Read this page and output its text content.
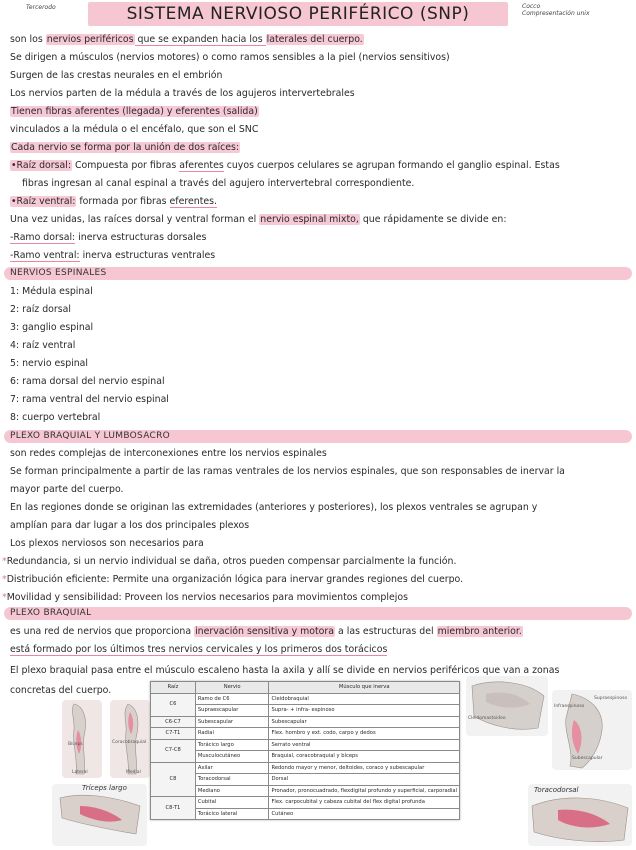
Tercerodo	Cocco
Compresentación unix
SISTEMA NERVIOSO PERIFÉRICO (SNP)
son los nervios periféricos que se expanden hacia los laterales del cuerpo.
Se dirigen a músculos (nervios motores) o como ramos sensibles a la piel (nervios sensitivos)
Surgen de las crestas neurales en el embrión
Los nervios parten de la médula a través de los agujeros intervertebrales
Tienen fibras aferentes (llegada) y eferentes (salida)
vinculados a la médula o el encéfalo, que son el SNC
Cada nervio se forma por la unión de dos raíces:
•Raíz dorsal: Compuesta por fibras aferentes cuyos cuerpos celulares se agrupan formando el ganglio espinal. Estas
fibras ingresan al canal espinal a través del agujero intervertebral correspondiente.
•Raíz ventral: formada por fibras eferentes.
Una vez unidas, las raíces dorsal y ventral forman el nervio espinal mixto, que rápidamente se divide en:
-Ramo dorsal: inerva estructuras dorsales
-Ramo ventral: inerva estructuras ventrales
NERVIOS ESPINALES
1: Médula espinal
2: raíz dorsal
3: ganglio espinal
4: raíz ventral
5: nervio espinal
6: rama dorsal del nervio espinal
7: rama ventral del nervio espinal
8: cuerpo vertebral
PLEXO BRAQUIAL Y LUMBOSACRO
son redes complejas de interconexiones entre los nervios espinales
Se forman principalmente a partir de las ramas ventrales de los nervios espinales, que son responsables de inervar la
mayor parte del cuerpo.
En las regiones donde se originan las extremidades (anteriores y posteriores), los plexos ventrales se agrupan y
amplían para dar lugar a los dos principales plexos
Los plexos nerviosos son necesarios para
*Redundancia, si un nervio individual se daña, otros pueden compensar parcialmente la función.
*Distribución eficiente: Permite una organización lógica para inervar grandes regiones del cuerpo.
*Movilidad y sensibilidad: Proveen los nervios necesarios para movimientos complejos
PLEXO BRAQUIAL
es una red de nervios que proporciona inervación sensitiva y motora a las estructuras del miembro anterior.
está formado por los últimos tres nervios cervicales y los primeros dos torácicos
El plexo braquial pasa entre el músculo escaleno hasta la axila y allí se divide en nervios periféricos que van a zonas
concretas del cuerpo.
Bíceps
Lateral
Coracobraquial
Medial
Tríceps largo
Raíz	Nervio	Músculo que inerva
C6	Ramo de C6	Cleidobraquial
	Supraescapular	Supra- + infra- espinoso
C6-C7	Subescapular	Subescapular
C7-T1	Radial	Flex. hombro y ext. codo, carpo y dedos
C7-C8	Torácico largo	Serrato ventral
	Musculocutáneo	Braquial, coracobraquial y bíceps
C8	Axilar	Redondo mayor y menor, deltoides, coraco y subescapular
	Toracodorsal	Dorsal
	Mediano	Pronador, pronocuadrado, flexdigital profundo y superficial, carporadial
C8-T1	Cubital	Flex. carpocubital y cabeza cubital del flex digital profunda
	Torácico lateral	Cutáneo
Cleidomastoideo
Infraespinoso
Supraespinoso
Subescapular
Toracodorsal
